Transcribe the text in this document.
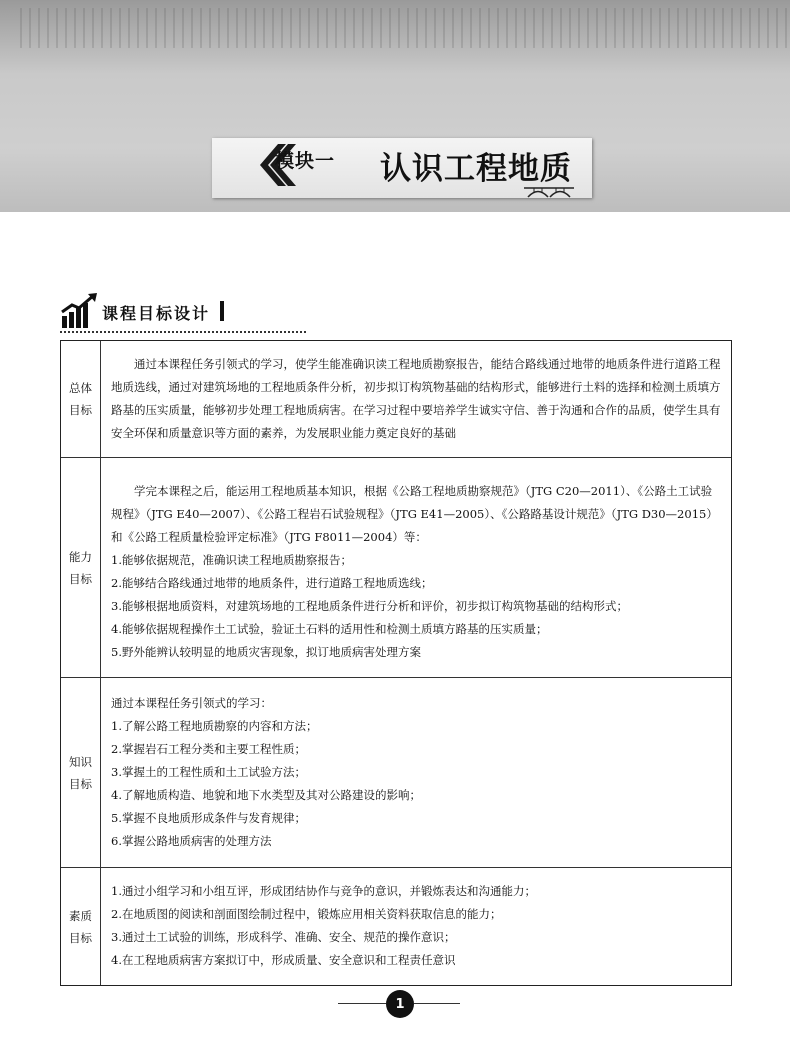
模块一 认识工程地质
课程目标设计
总体
目标

通过本课程任务引领式的学习，使学生能准确识读工程地质勘察报告，能结合路线通过地带的地质条件进行道路工程地质选线，通过对建筑场地的工程地质条件分析，初步拟订构筑物基础的结构形式，能够进行土料的选择和检测土质填方路基的压实质量，能够初步处理工程地质病害。在学习过程中要培养学生诚实守信、善于沟通和合作的品质，使学生具有安全环保和质量意识等方面的素养，为发展职业能力奠定良好的基础

能力
目标

学完本课程之后，能运用工程地质基本知识，根据《公路工程地质勘察规范》（JTG C20—2011）、《公路土工试验规程》（JTG E40—2007）、《公路工程岩石试验规程》（JTG E41—2005）、《公路路基设计规范》（JTG D30—2015）和《公路工程质量检验评定标准》（JTG F8011—2004）等：

1.能够依据规范，准确识读工程地质勘察报告；

2.能够结合路线通过地带的地质条件，进行道路工程地质选线；

3.能够根据地质资料，对建筑场地的工程地质条件进行分析和评价，初步拟订构筑物基础的结构形式；

4.能够依据规程操作土工试验，验证土石料的适用性和检测土质填方路基的压实质量；

5.野外能辨认较明显的地质灾害现象，拟订地质病害处理方案

知识
目标

通过本课程任务引领式的学习：

1.了解公路工程地质勘察的内容和方法；

2.掌握岩石工程分类和主要工程性质；

3.掌握土的工程性质和土工试验方法；

4.了解地质构造、地貌和地下水类型及其对公路建设的影响；

5.掌握不良地质形成条件与发育规律；

6.掌握公路地质病害的处理方法

素质
目标

1.通过小组学习和小组互评，形成团结协作与竞争的意识，并锻炼表达和沟通能力；

2.在地质图的阅读和剖面图绘制过程中，锻炼应用相关资料获取信息的能力；

3.通过土工试验的训练，形成科学、准确、安全、规范的操作意识；

4.在工程地质病害方案拟订中，形成质量、安全意识和工程责任意识

1
